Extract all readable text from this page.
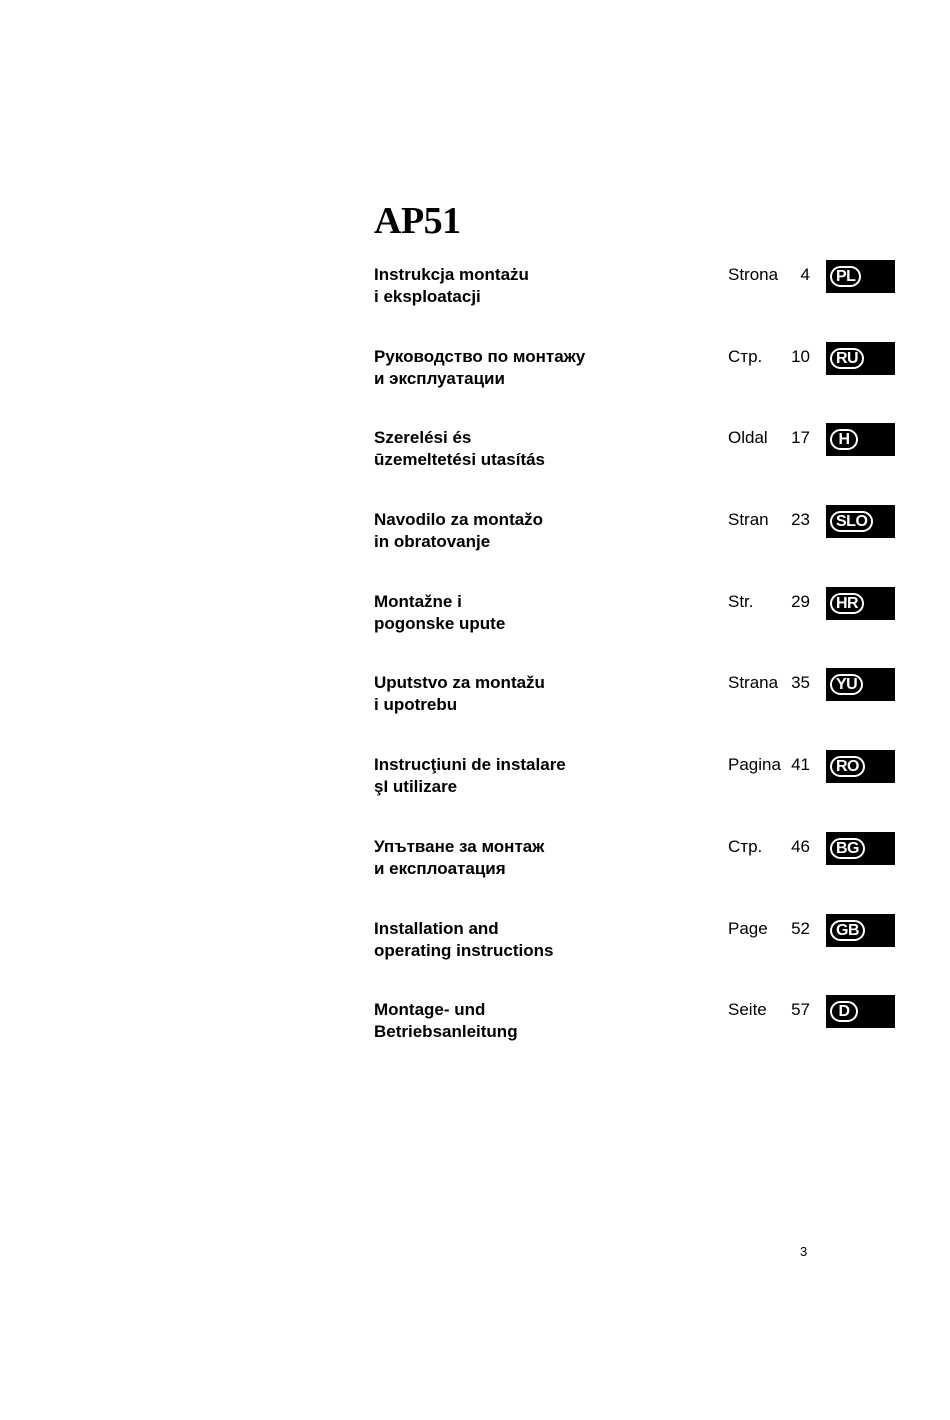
AP51
Instrukcja montażu
i eksploatacji
Strona	4	PL
Руководство по монтажу
и эксплуатации
Стр.	10	RU
Szerelési és
ūzemeltetési utasítás
Oldal	17	H
Navodilo za montažo
in obratovanje
Stran	23	SLO
Montažne i
pogonske upute
Str.	29	HR
Uputstvo za montažu
i upotrebu
Strana 35	YU
Instrucţiuni de instalare
şI utilizare
Pagina 41	RO
Упътване за монтаж
и експлоатация
Стр.	46	BG
Installation and
operating instructions
Page	52	GB
Montage- und
Betriebsanleitung
Seite	57	D
3
